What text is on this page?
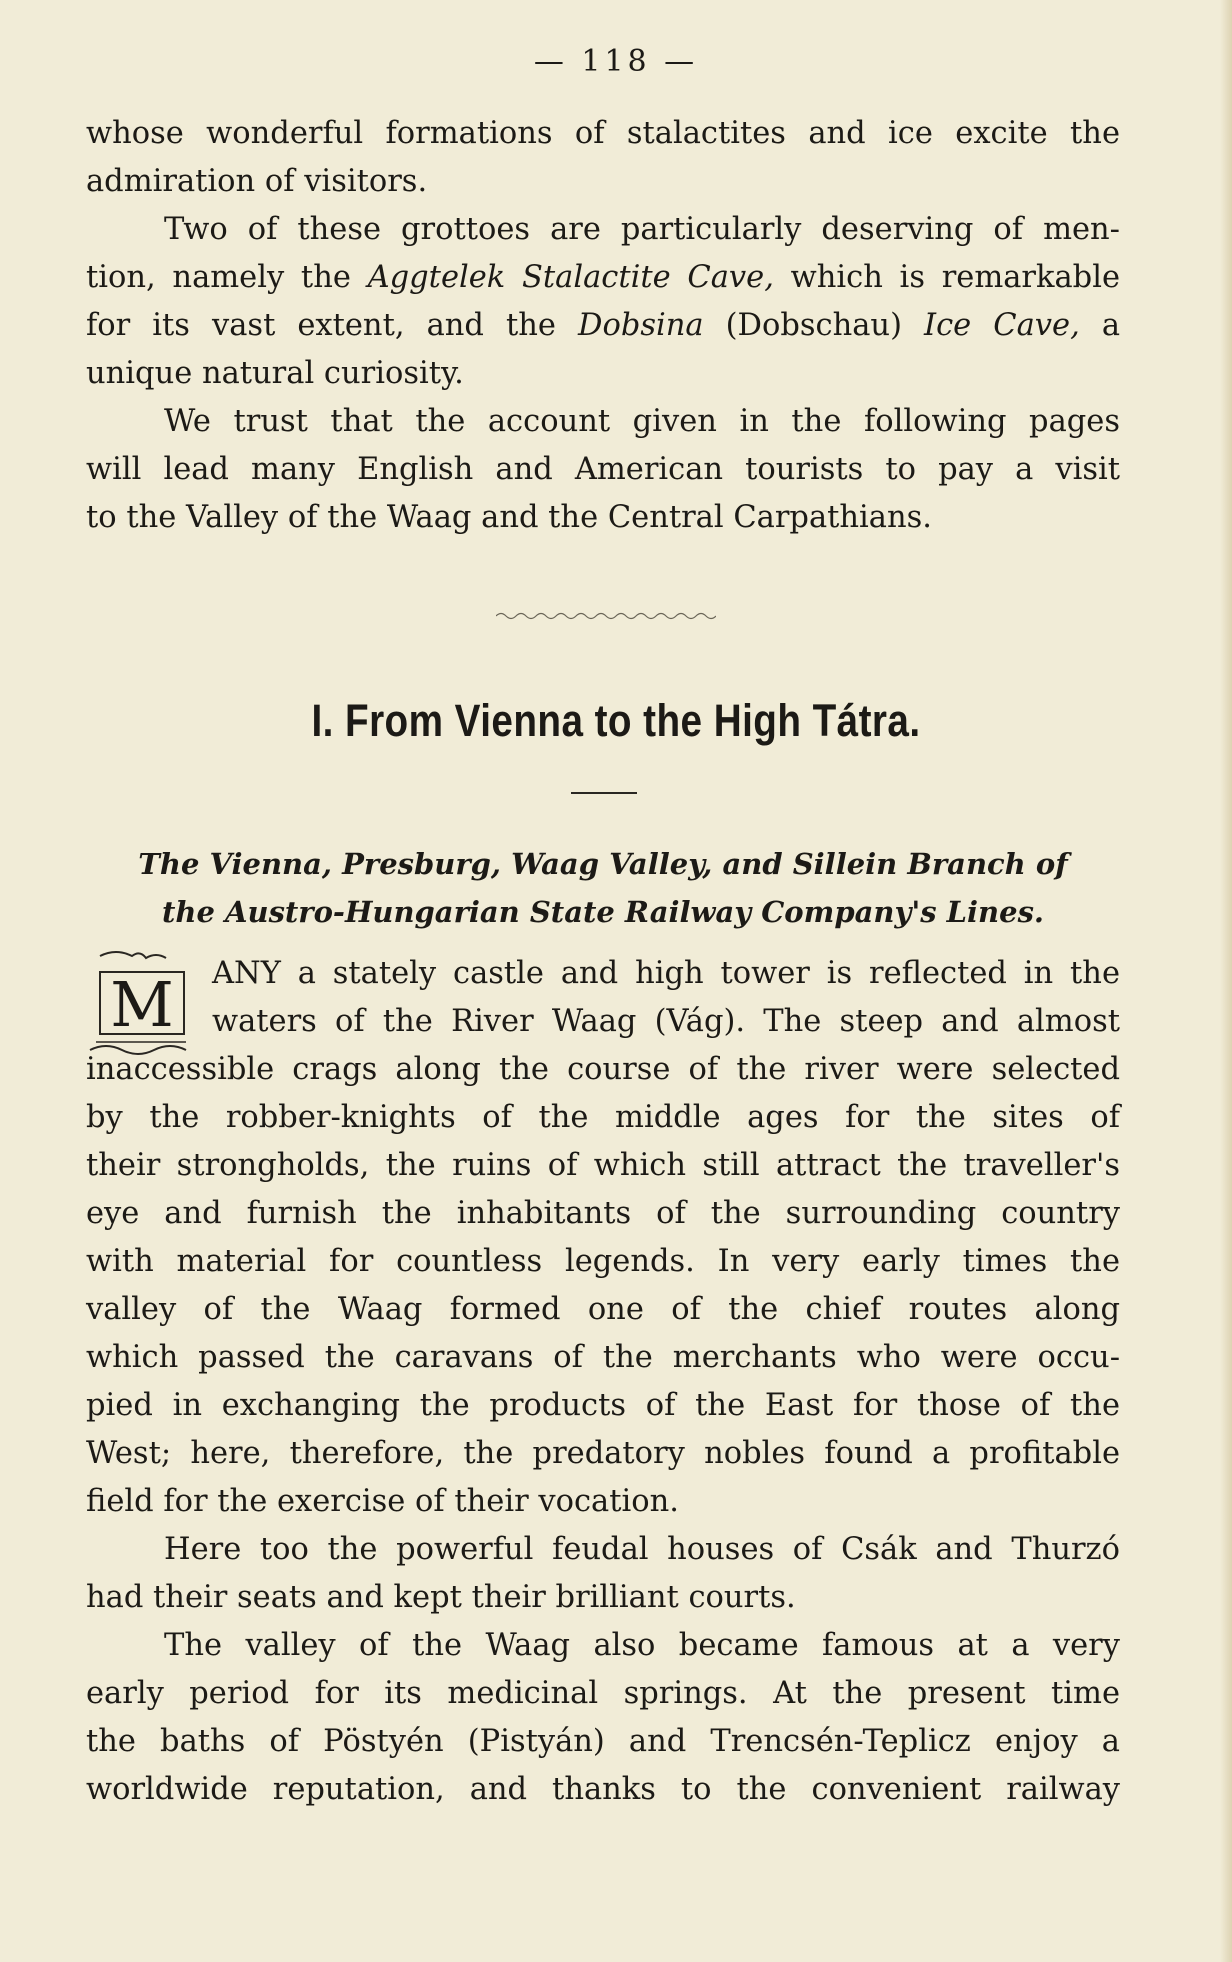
— 118 —

whose wonderful formations of stalactites and ice excite the

admiration of visitors.

Two of these grottoes are particularly deserving of men-

tion, namely the Aggtelek Stalactite Cave, which is remarkable

for its vast extent, and the Dobsina (Dobschau) Ice Cave, a

unique natural curiosity.

We trust that the account given in the following pages

will lead many English and American tourists to pay a visit

to the Valley of the Waag and the Central Carpathians.

I. From Vienna to the High Tátra.

The Vienna, Presburg, Waag Valley, and Sillein Branch of

the Austro-Hungarian State Railway Company's Lines.

M	ANY a stately castle and high tower is reflected in the

waters of the River Waag (Vág). The steep and almost

inaccessible crags along the course of the river were selected

by the robber-knights of the middle ages for the sites of

their strongholds, the ruins of which still attract the traveller's

eye and furnish the inhabitants of the surrounding country

with material for countless legends. In very early times the

valley of the Waag formed one of the chief routes along

which passed the caravans of the merchants who were occu-

pied in exchanging the products of the East for those of the

West; here, therefore, the predatory nobles found a profitable

field for the exercise of their vocation.

Here too the powerful feudal houses of Csák and Thurzó

had their seats and kept their brilliant courts.

The valley of the Waag also became famous at a very

early period for its medicinal springs. At the present time

the baths of Pöstyén (Pistyán) and Trencsén-Teplicz enjoy a

worldwide reputation, and thanks to the convenient railway
